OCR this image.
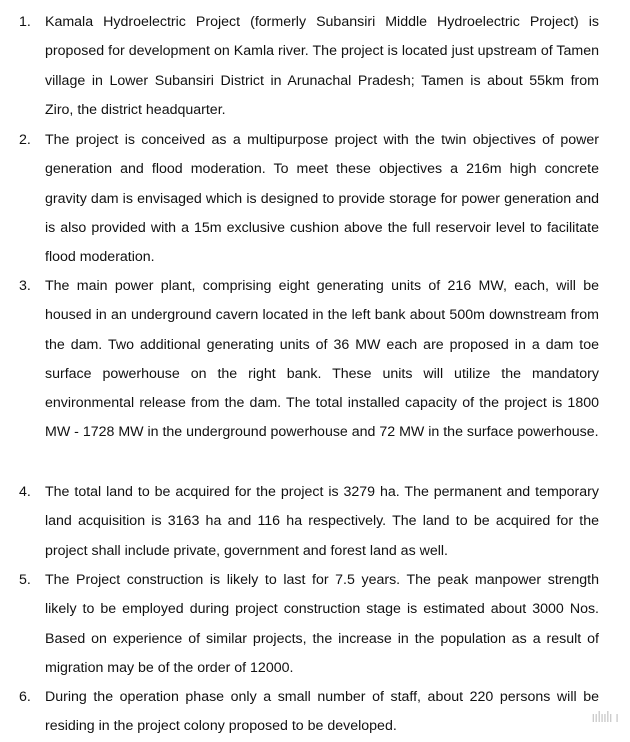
1. Kamala Hydroelectric Project (formerly Subansiri Middle Hydroelectric Project) is proposed for development on Kamla river. The project is located just upstream of Tamen village in Lower Subansiri District in Arunachal Pradesh; Tamen is about 55km from Ziro, the district headquarter.
2. The project is conceived as a multipurpose project with the twin objectives of power generation and flood moderation. To meet these objectives a 216m high concrete gravity dam is envisaged which is designed to provide storage for power generation and is also provided with a 15m exclusive cushion above the full reservoir level to facilitate flood moderation.
3. The main power plant, comprising eight generating units of 216 MW, each, will be housed in an underground cavern located in the left bank about 500m downstream from the dam. Two additional generating units of 36 MW each are proposed in a dam toe surface powerhouse on the right bank. These units will utilize the mandatory environmental release from the dam. The total installed capacity of the project is 1800 MW - 1728 MW in the underground powerhouse and 72 MW in the surface powerhouse.
4. The total land to be acquired for the project is 3279 ha. The permanent and temporary land acquisition is 3163 ha and 116 ha respectively. The land to be acquired for the project shall include private, government and forest land as well.
5. The Project construction is likely to last for 7.5 years. The peak manpower strength likely to be employed during project construction stage is estimated about 3000 Nos. Based on experience of similar projects, the increase in the population as a result of migration may be of the order of 12000.
6. During the operation phase only a small number of staff, about 220 persons will be residing in the project colony proposed to be developed.
ıılıılı ı
